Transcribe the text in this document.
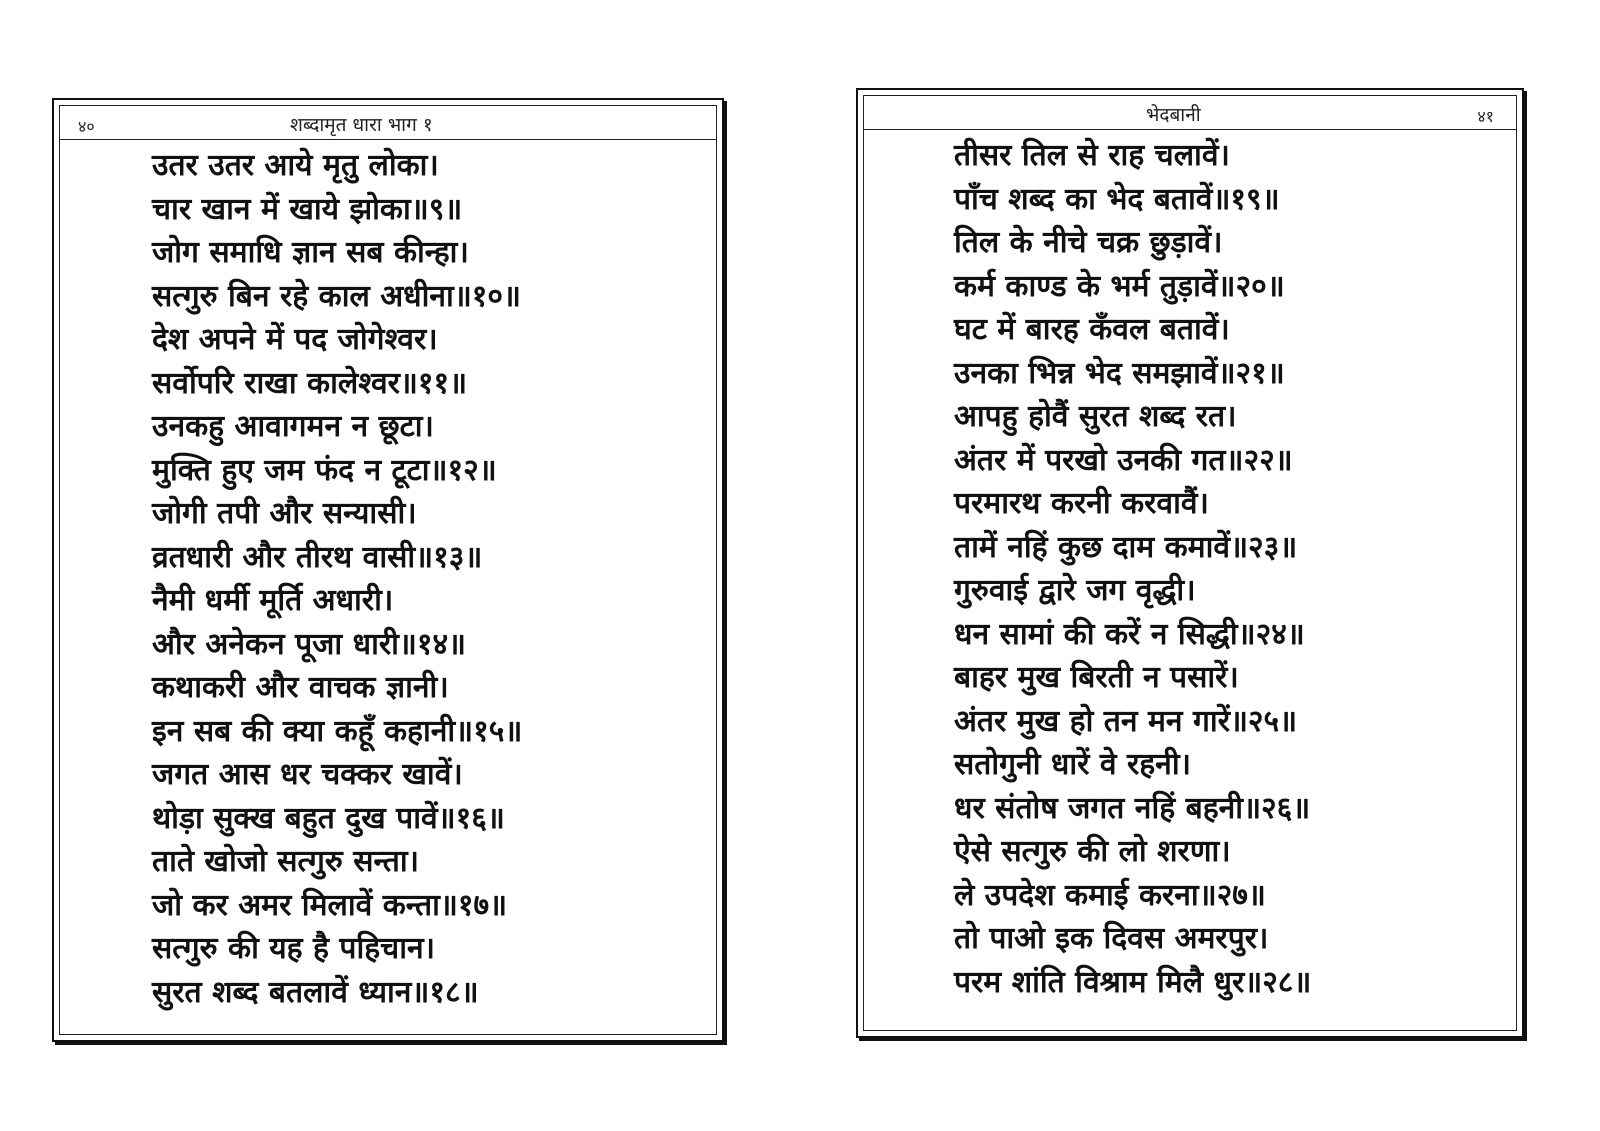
४०	शब्दामृत धारा भाग १
उतर उतर आये मृतु लोका।
चार खान में खाये झोका॥९॥
जोग समाधि ज्ञान सब कीन्हा।
सत्गुरु बिन रहे काल अधीना॥१०॥
देश अपने में पद जोगेश्वर।
सर्वोपरि राखा कालेश्वर॥११॥
उनकहु आवागमन न छूटा।
मुक्ति हुए जम फंद न टूटा॥१२॥
जोगी तपी और सन्यासी।
व्रतधारी और तीरथ वासी॥१३॥
नैमी धर्मी मूर्ति अधारी।
और अनेकन पूजा धारी॥१४॥
कथाकरी और वाचक ज्ञानी।
इन सब की क्या कहूँ कहानी॥१५॥
जगत आस धर चक्कर खावें।
थोड़ा सुक्ख बहुत दुख पावें॥१६॥
ताते खोजो सत्गुरु सन्ता।
जो कर अमर मिलावें कन्ता॥१७॥
सत्गुरु की यह है पहिचान।
सुरत शब्द बतलावें ध्यान॥१८॥
भेदबानी	४१
तीसर तिल से राह चलावें।
पाँच शब्द का भेद बतावें॥१९॥
तिल के नीचे चक्र छुड़ावें।
कर्म काण्ड के भर्म तुड़ावें॥२०॥
घट में बारह कँवल बतावें।
उनका भिन्न भेद समझावें॥२१॥
आपहु होवैं सुरत शब्द रत।
अंतर में परखो उनकी गत॥२२॥
परमारथ करनी करवावैं।
तामें नहिं कुछ दाम कमावें॥२३॥
गुरुवाई द्वारे जग वृद्धी।
धन सामां की करें न सिद्धी॥२४॥
बाहर मुख बिरती न पसारें।
अंतर मुख हो तन मन गारें॥२५॥
सतोगुनी धारें वे रहनी।
धर संतोष जगत नहिं बहनी॥२६॥
ऐसे सत्गुरु की लो शरणा।
ले उपदेश कमाई करना॥२७॥
तो पाओ इक दिवस अमरपुर।
परम शांति विश्राम मिलै धुर॥२८॥
